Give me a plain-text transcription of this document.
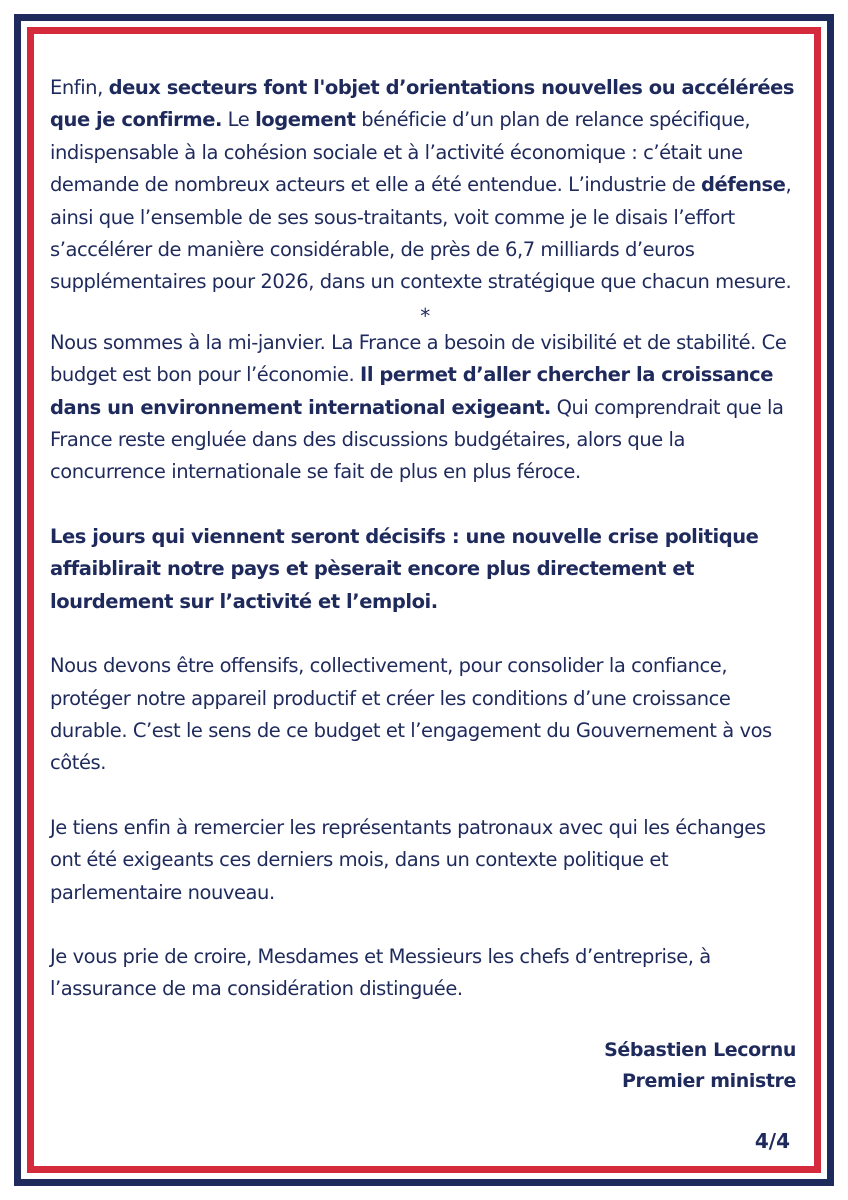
Enfin, deux secteurs font l'objet d’orientations nouvelles ou accélérées que je confirme. Le logement bénéficie d’un plan de relance spécifique, indispensable à la cohésion sociale et à l’activité économique : c’était une demande de nombreux acteurs et elle a été entendue. L’industrie de défense, ainsi que l’ensemble de ses sous-traitants, voit comme je le disais l’effort s’accélérer de manière considérable, de près de 6,7 milliards d’euros supplémentaires pour 2026, dans un contexte stratégique que chacun mesure.

*

Nous sommes à la mi-janvier. La France a besoin de visibilité et de stabilité. Ce budget est bon pour l’économie. Il permet d’aller chercher la croissance dans un environnement international exigeant. Qui comprendrait que la France reste engluée dans des discussions budgétaires, alors que la concurrence internationale se fait de plus en plus féroce.

Les jours qui viennent seront décisifs : une nouvelle crise politique affaiblirait notre pays et pèserait encore plus directement et lourdement sur l’activité et l’emploi.

Nous devons être offensifs, collectivement, pour consolider la confiance, protéger notre appareil productif et créer les conditions d’une croissance durable. C’est le sens de ce budget et l’engagement du Gouvernement à vos côtés.

Je tiens enfin à remercier les représentants patronaux avec qui les échanges ont été exigeants ces derniers mois, dans un contexte politique et parlementaire nouveau.

Je vous prie de croire, Mesdames et Messieurs les chefs d’entreprise, à l’assurance de ma considération distinguée.

Sébastien Lecornu
Premier ministre
4/4
